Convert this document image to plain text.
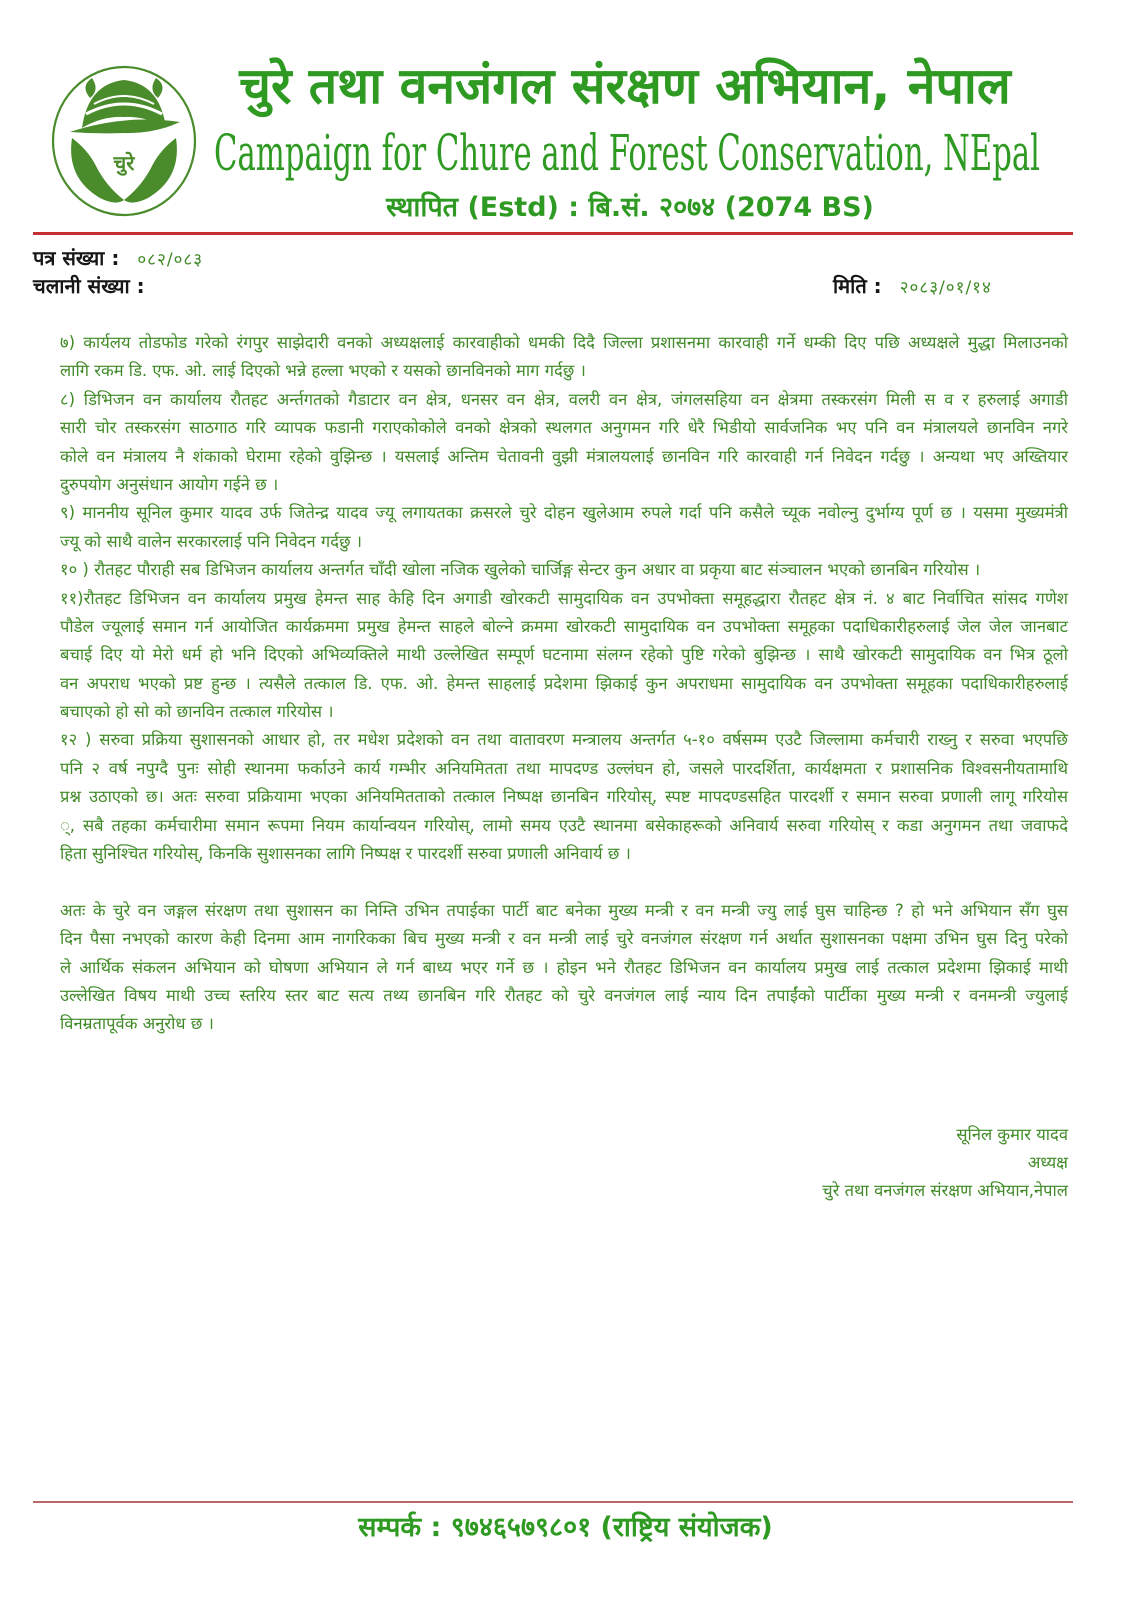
चुरे
चुरे तथा वनजंगल संरक्षण अभियान, नेपाल
Campaign for Chure and Forest Conservation, NEpal
स्थापित (Estd) : बि.सं. २०७४ (2074 BS)
पत्र संख्या : ०८२/०८३
चलानी संख्या :	मिति : २०८३/०१/१४
७) कार्यलय तोडफोड गरेको रंगपुर साझेदारी वनको अध्यक्षलाई कारवाहीको धमकी दिदै जिल्ला प्रशासनमा कारवाही गर्ने धम्की दिए पछि अध्यक्षले मुद्धा मिलाउनको
लागि रकम डि. एफ. ओ. लाई दिएको भन्ने हल्ला भएको र यसको छानविनको माग गर्दछु ।
८) डिभिजन वन कार्यालय रौतहट अर्न्तगतको गैडाटार वन क्षेत्र, धनसर वन क्षेत्र, वलरी वन क्षेत्र, जंगलसहिया वन क्षेत्रमा तस्करसंग मिली स व र हरुलाई अगाडी
सारी चोर तस्करसंग साठगाठ गरि व्यापक फडानी गराएकोकोले वनको क्षेत्रको स्थलगत अनुगमन गरि धेरै भिडीयो सार्वजनिक भए पनि वन मंत्रालयले छानविन नगरे
कोले वन मंत्रालय नै शंकाको घेरामा रहेको वुझिन्छ । यसलाई अन्तिम चेतावनी वुझी मंत्रालयलाई छानविन गरि कारवाही गर्न निवेदन गर्दछु । अन्यथा भए अख्तियार
दुरुपयोग अनुसंधान आयोग गईने छ ।
९) माननीय सूनिल कुमार यादव उर्फ जितेन्द्र यादव ज्यू लगायतका क्रसरले चुरे दोहन खुलेआम रुपले गर्दा पनि कसैले च्यूक नवोल्नु दुर्भाग्य पूर्ण छ । यसमा मुख्यमंत्री
ज्यू को साथै वालेन सरकारलाई पनि निवेदन गर्दछु ।
१० ) रौतहट पौराही सब डिभिजन कार्यालय अन्तर्गत चाँदी खोला नजिक खुलेको चार्जिङ्ग सेन्टर कुन अधार वा प्रकृया बाट संञ्चालन भएको छानबिन गरियोस ।
११)रौतहट डिभिजन वन कार्यालय प्रमुख हेमन्त साह केहि दिन अगाडी खोरकटी सामुदायिक वन उपभोक्ता समूहद्धारा रौतहट क्षेत्र नं. ४ बाट निर्वाचित सांसद गणेश
पौडेल ज्यूलाई समान गर्न आयोजित कार्यक्रममा प्रमुख हेमन्त साहले बोल्ने क्रममा खोरकटी सामुदायिक वन उपभोक्ता समूहका पदाधिकारीहरुलाई जेल जेल जानबाट
बचाई दिए यो मेरो धर्म हो भनि दिएको अभिव्यक्तिले माथी उल्लेखित सम्पूर्ण घटनामा संलग्न रहेको पुष्टि गरेको बुझिन्छ । साथै खोरकटी सामुदायिक वन भित्र ठूलो
वन अपराध भएको प्रष्ट हुन्छ । त्यसैले तत्काल डि. एफ. ओ. हेमन्त साहलाई प्रदेशमा झिकाई कुन अपराधमा सामुदायिक वन उपभोक्ता समूहका पदाधिकारीहरुलाई
बचाएको हो सो को छानविन तत्काल गरियोस ।
१२ ) सरुवा प्रक्रिया सुशासनको आधार हो, तर मधेश प्रदेशको वन तथा वातावरण मन्त्रालय अन्तर्गत ५-१० वर्षसम्म एउटै जिल्लामा कर्मचारी राख्नु र सरुवा भएपछि
पनि २ वर्ष नपुग्दै पुनः सोही स्थानमा फर्काउने कार्य गम्भीर अनियमितता तथा मापदण्ड उल्लंघन हो, जसले पारदर्शिता, कार्यक्षमता र प्रशासनिक विश्वसनीयतामाथि
प्रश्न उठाएको छ। अतः सरुवा प्रक्रियामा भएका अनियमितताको तत्काल निष्पक्ष छानबिन गरियोस्, स्पष्ट मापदण्डसहित पारदर्शी र समान सरुवा प्रणाली लागू गरियोस
्, सबै तहका कर्मचारीमा समान रूपमा नियम कार्यान्वयन गरियोस्, लामो समय एउटै स्थानमा बसेकाहरूको अनिवार्य सरुवा गरियोस् र कडा अनुगमन तथा जवाफदे
हिता सुनिश्चित गरियोस्, किनकि सुशासनका लागि निष्पक्ष र पारदर्शी सरुवा प्रणाली अनिवार्य छ ।
अतः के चुरे वन जङ्गल संरक्षण तथा सुशासन का निम्ति उभिन तपाईका पार्टी बाट बनेका मुख्य मन्त्री र वन मन्त्री ज्यु लाई घुस चाहिन्छ ? हो भने अभियान सँग घुस
दिन पैसा नभएको कारण केही दिनमा आम नागरिकका बिच मुख्य मन्त्री र वन मन्त्री लाई चुरे वनजंगल संरक्षण गर्न अर्थात सुशासनका पक्षमा उभिन घुस दिनु परेको
ले आर्थिक संकलन अभियान को घोषणा अभियान ले गर्न बाध्य भएर गर्ने छ । होइन भने रौतहट डिभिजन वन कार्यालय प्रमुख लाई तत्काल प्रदेशमा झिकाई माथी
उल्लेखित विषय माथी उच्च स्तरिय स्तर बाट सत्य तथ्य छानबिन गरि रौतहट को चुरे वनजंगल लाई न्याय दिन तपाईंको पार्टीका मुख्य मन्त्री र वनमन्त्री ज्युलाई
विनम्रतापूर्वक अनुरोध छ ।
सूनिल कुमार यादव
अध्यक्ष
चुरे तथा वनजंगल संरक्षण अभियान,नेपाल
सम्पर्क : ९७४६५७९८०१ (राष्ट्रिय संयोजक)
